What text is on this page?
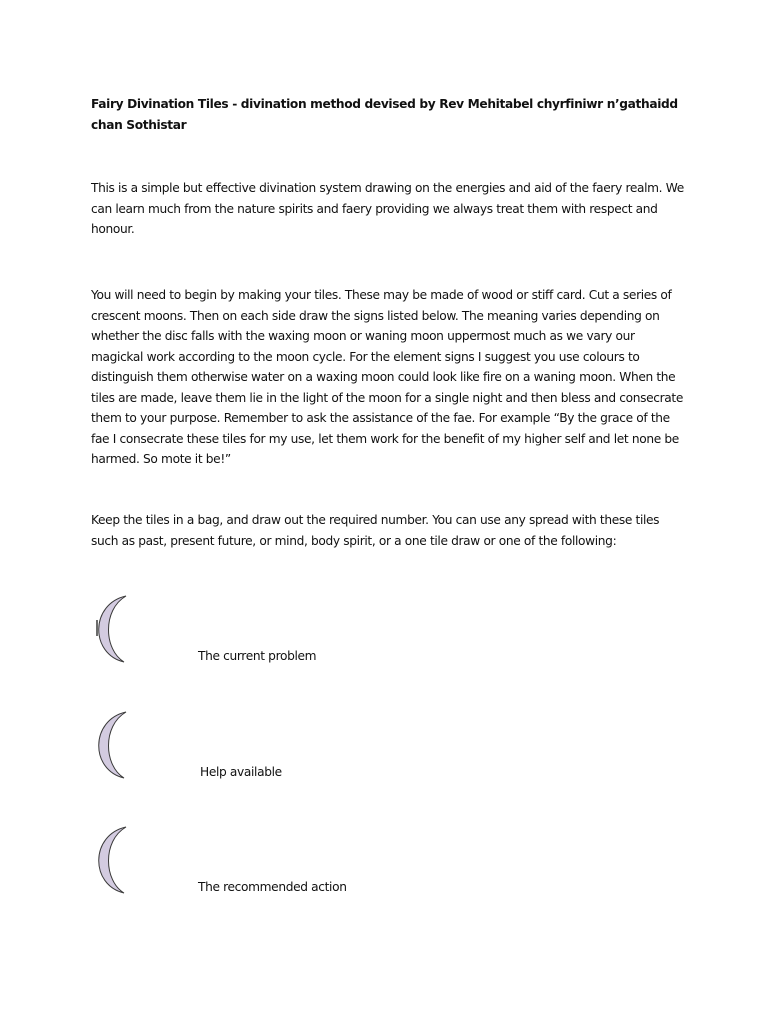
Fairy Divination Tiles - divination method devised by Rev Mehitabel chyrfiniwr n’gathaidd chan Sothistar

This is a simple but effective divination system drawing on the energies and aid of the faery realm. We can learn much from the nature spirits and faery providing we always treat them with respect and honour.

You will need to begin by making your tiles. These may be made of wood or stiff card. Cut a series of crescent moons. Then on each side draw the signs listed below. The meaning varies depending on whether the disc falls with the waxing moon or waning moon uppermost much as we vary our magickal work according to the moon cycle. For the element signs I suggest you use colours to distinguish them otherwise water on a waxing moon could look like fire on a waning moon. When the tiles are made, leave them lie in the light of the moon for a single night and then bless and consecrate them to your purpose. Remember to ask the assistance of the fae. For example “By the grace of the fae I consecrate these tiles for my use, let them work for the benefit of my higher self and let none be harmed. So mote it be!”

Keep the tiles in a bag, and draw out the required number. You can use any spread with these tiles such as past, present future, or mind, body spirit, or a one tile draw or one of the following:

The current problem

Help available

The recommended action
